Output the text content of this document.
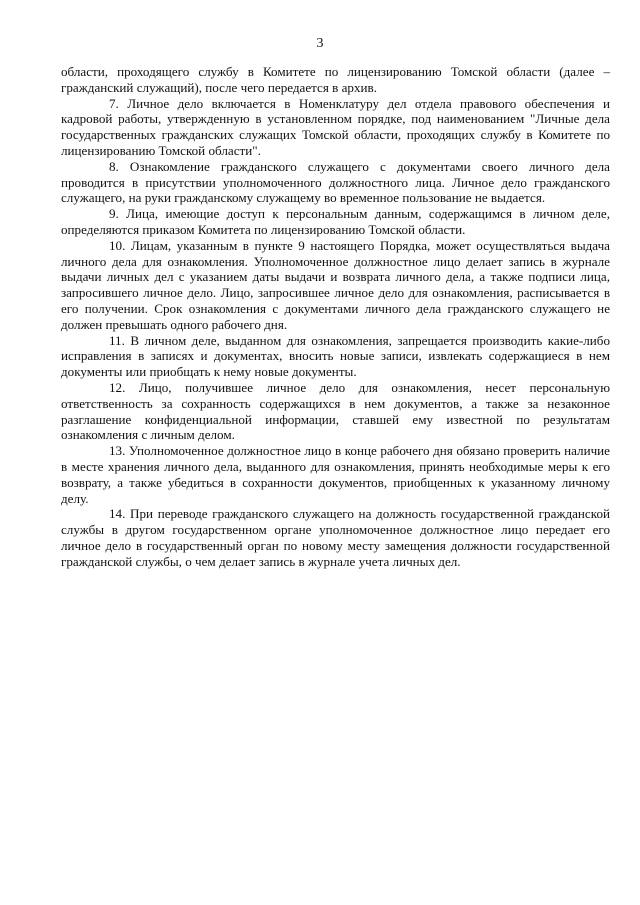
3

области, проходящего службу в Комитете по лицензированию Томской области (далее – гражданский служащий), после чего передается в архив.

7. Личное дело включается в Номенклатуру дел отдела правового обеспечения и кадровой работы, утвержденную в установленном порядке, под наименованием "Личные дела государственных гражданских служащих Томской области, проходящих службу в Комитете по лицензированию Томской области".

8. Ознакомление гражданского служащего с документами своего личного дела проводится в присутствии уполномоченного должностного лица. Личное дело гражданского служащего, на руки гражданскому служащему во временное пользование не выдается.

9. Лица, имеющие доступ к персональным данным, содержащимся в личном деле, определяются приказом Комитета по лицензированию Томской области.

10. Лицам, указанным в пункте 9 настоящего Порядка, может осуществляться выдача личного дела для ознакомления. Уполномоченное должностное лицо делает запись в журнале выдачи личных дел с указанием даты выдачи и возврата личного дела, а также подписи лица, запросившего личное дело. Лицо, запросившее личное дело для ознакомления, расписывается в его получении. Срок ознакомления с документами личного дела гражданского служащего не должен превышать одного рабочего дня.

11. В личном деле, выданном для ознакомления, запрещается производить какие-либо исправления в записях и документах, вносить новые записи, извлекать содержащиеся в нем документы или приобщать к нему новые документы.

12. Лицо, получившее личное дело для ознакомления, несет персональную ответственность за сохранность содержащихся в нем документов, а также за незаконное разглашение конфиденциальной информации, ставшей ему известной по результатам ознакомления с личным делом.

13. Уполномоченное должностное лицо в конце рабочего дня обязано проверить наличие в месте хранения личного дела, выданного для ознакомления, принять необходимые меры к его возврату, а также убедиться в сохранности документов, приобщенных к указанному личному делу.

14. При переводе гражданского служащего на должность государственной гражданской службы в другом государственном органе уполномоченное должностное лицо передает его личное дело в государственный орган по новому месту замещения должности государственной гражданской службы, о чем делает запись в журнале учета личных дел.
